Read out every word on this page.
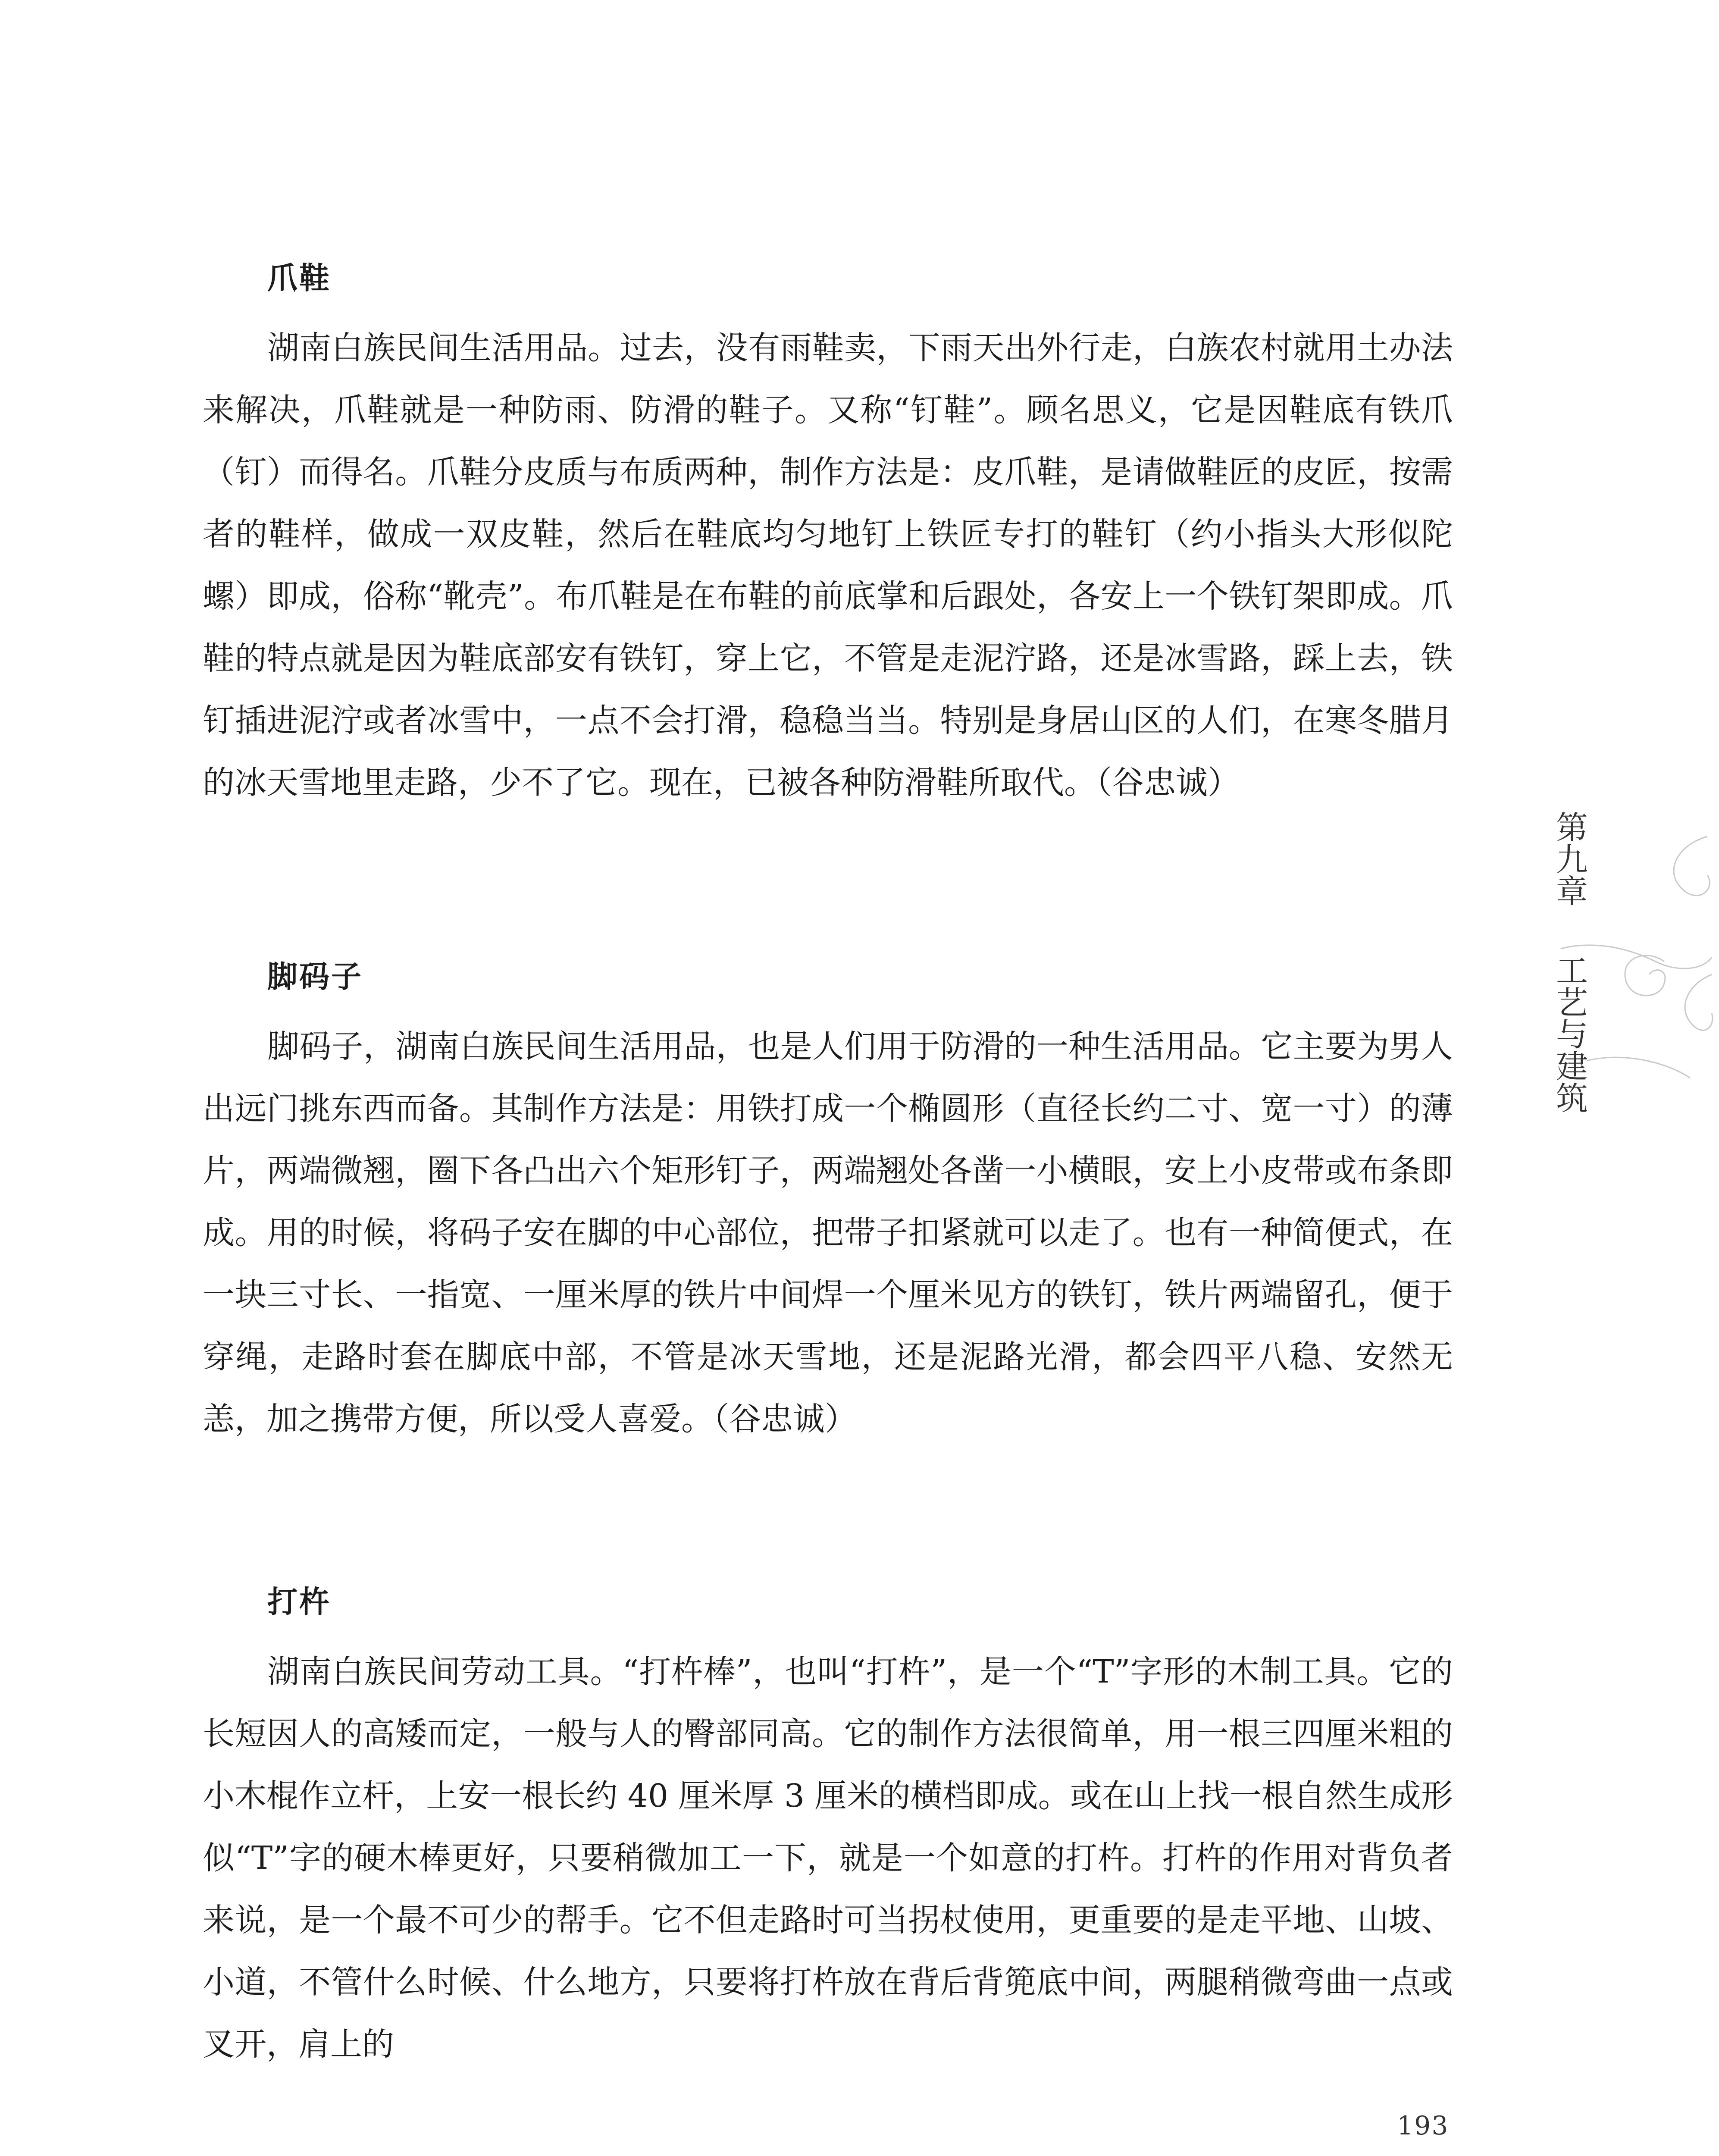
爪鞋

湖南白族民间生活用品。过去，没有雨鞋卖，下雨天出外行走，白族农村就用土办法来解决，爪鞋就是一种防雨、防滑的鞋子。又称“钉鞋”。顾名思义，它是因鞋底有铁爪（钉）而得名。爪鞋分皮质与布质两种，制作方法是：皮爪鞋，是请做鞋匠的皮匠，按需者的鞋样，做成一双皮鞋，然后在鞋底均匀地钉上铁匠专打的鞋钉（约小指头大形似陀螺）即成，俗称“靴壳”。布爪鞋是在布鞋的前底掌和后跟处，各安上一个铁钉架即成。爪鞋的特点就是因为鞋底部安有铁钉，穿上它，不管是走泥泞路，还是冰雪路，踩上去，铁钉插进泥泞或者冰雪中，一点不会打滑，稳稳当当。特别是身居山区的人们，在寒冬腊月的冰天雪地里走路，少不了它。现在，已被各种防滑鞋所取代。（谷忠诚）

脚码子

脚码子，湖南白族民间生活用品，也是人们用于防滑的一种生活用品。它主要为男人出远门挑东西而备。其制作方法是：用铁打成一个椭圆形（直径长约二寸、宽一寸）的薄片，两端微翘，圈下各凸出六个矩形钉子，两端翘处各凿一小横眼，安上小皮带或布条即成。用的时候，将码子安在脚的中心部位，把带子扣紧就可以走了。也有一种简便式，在一块三寸长、一指宽、一厘米厚的铁片中间焊一个厘米见方的铁钉，铁片两端留孔，便于穿绳，走路时套在脚底中部，不管是冰天雪地，还是泥路光滑，都会四平八稳、安然无恙，加之携带方便，所以受人喜爱。（谷忠诚）

打杵

湖南白族民间劳动工具。“打杵棒”，也叫“打杵”，是一个“T”字形的木制工具。它的长短因人的高矮而定，一般与人的臀部同高。它的制作方法很简单，用一根三四厘米粗的小木棍作立杆，上安一根长约 40 厘米厚 3 厘米的横档即成。或在山上找一根自然生成形似“T”字的硬木棒更好，只要稍微加工一下，就是一个如意的打杵。打杵的作用对背负者来说，是一个最不可少的帮手。它不但走路时可当拐杖使用，更重要的是走平地、山坡、小道，不管什么时候、什么地方，只要将打杵放在背后背篼底中间，两腿稍微弯曲一点或叉开，肩上的

第九章
工艺与建筑
193
